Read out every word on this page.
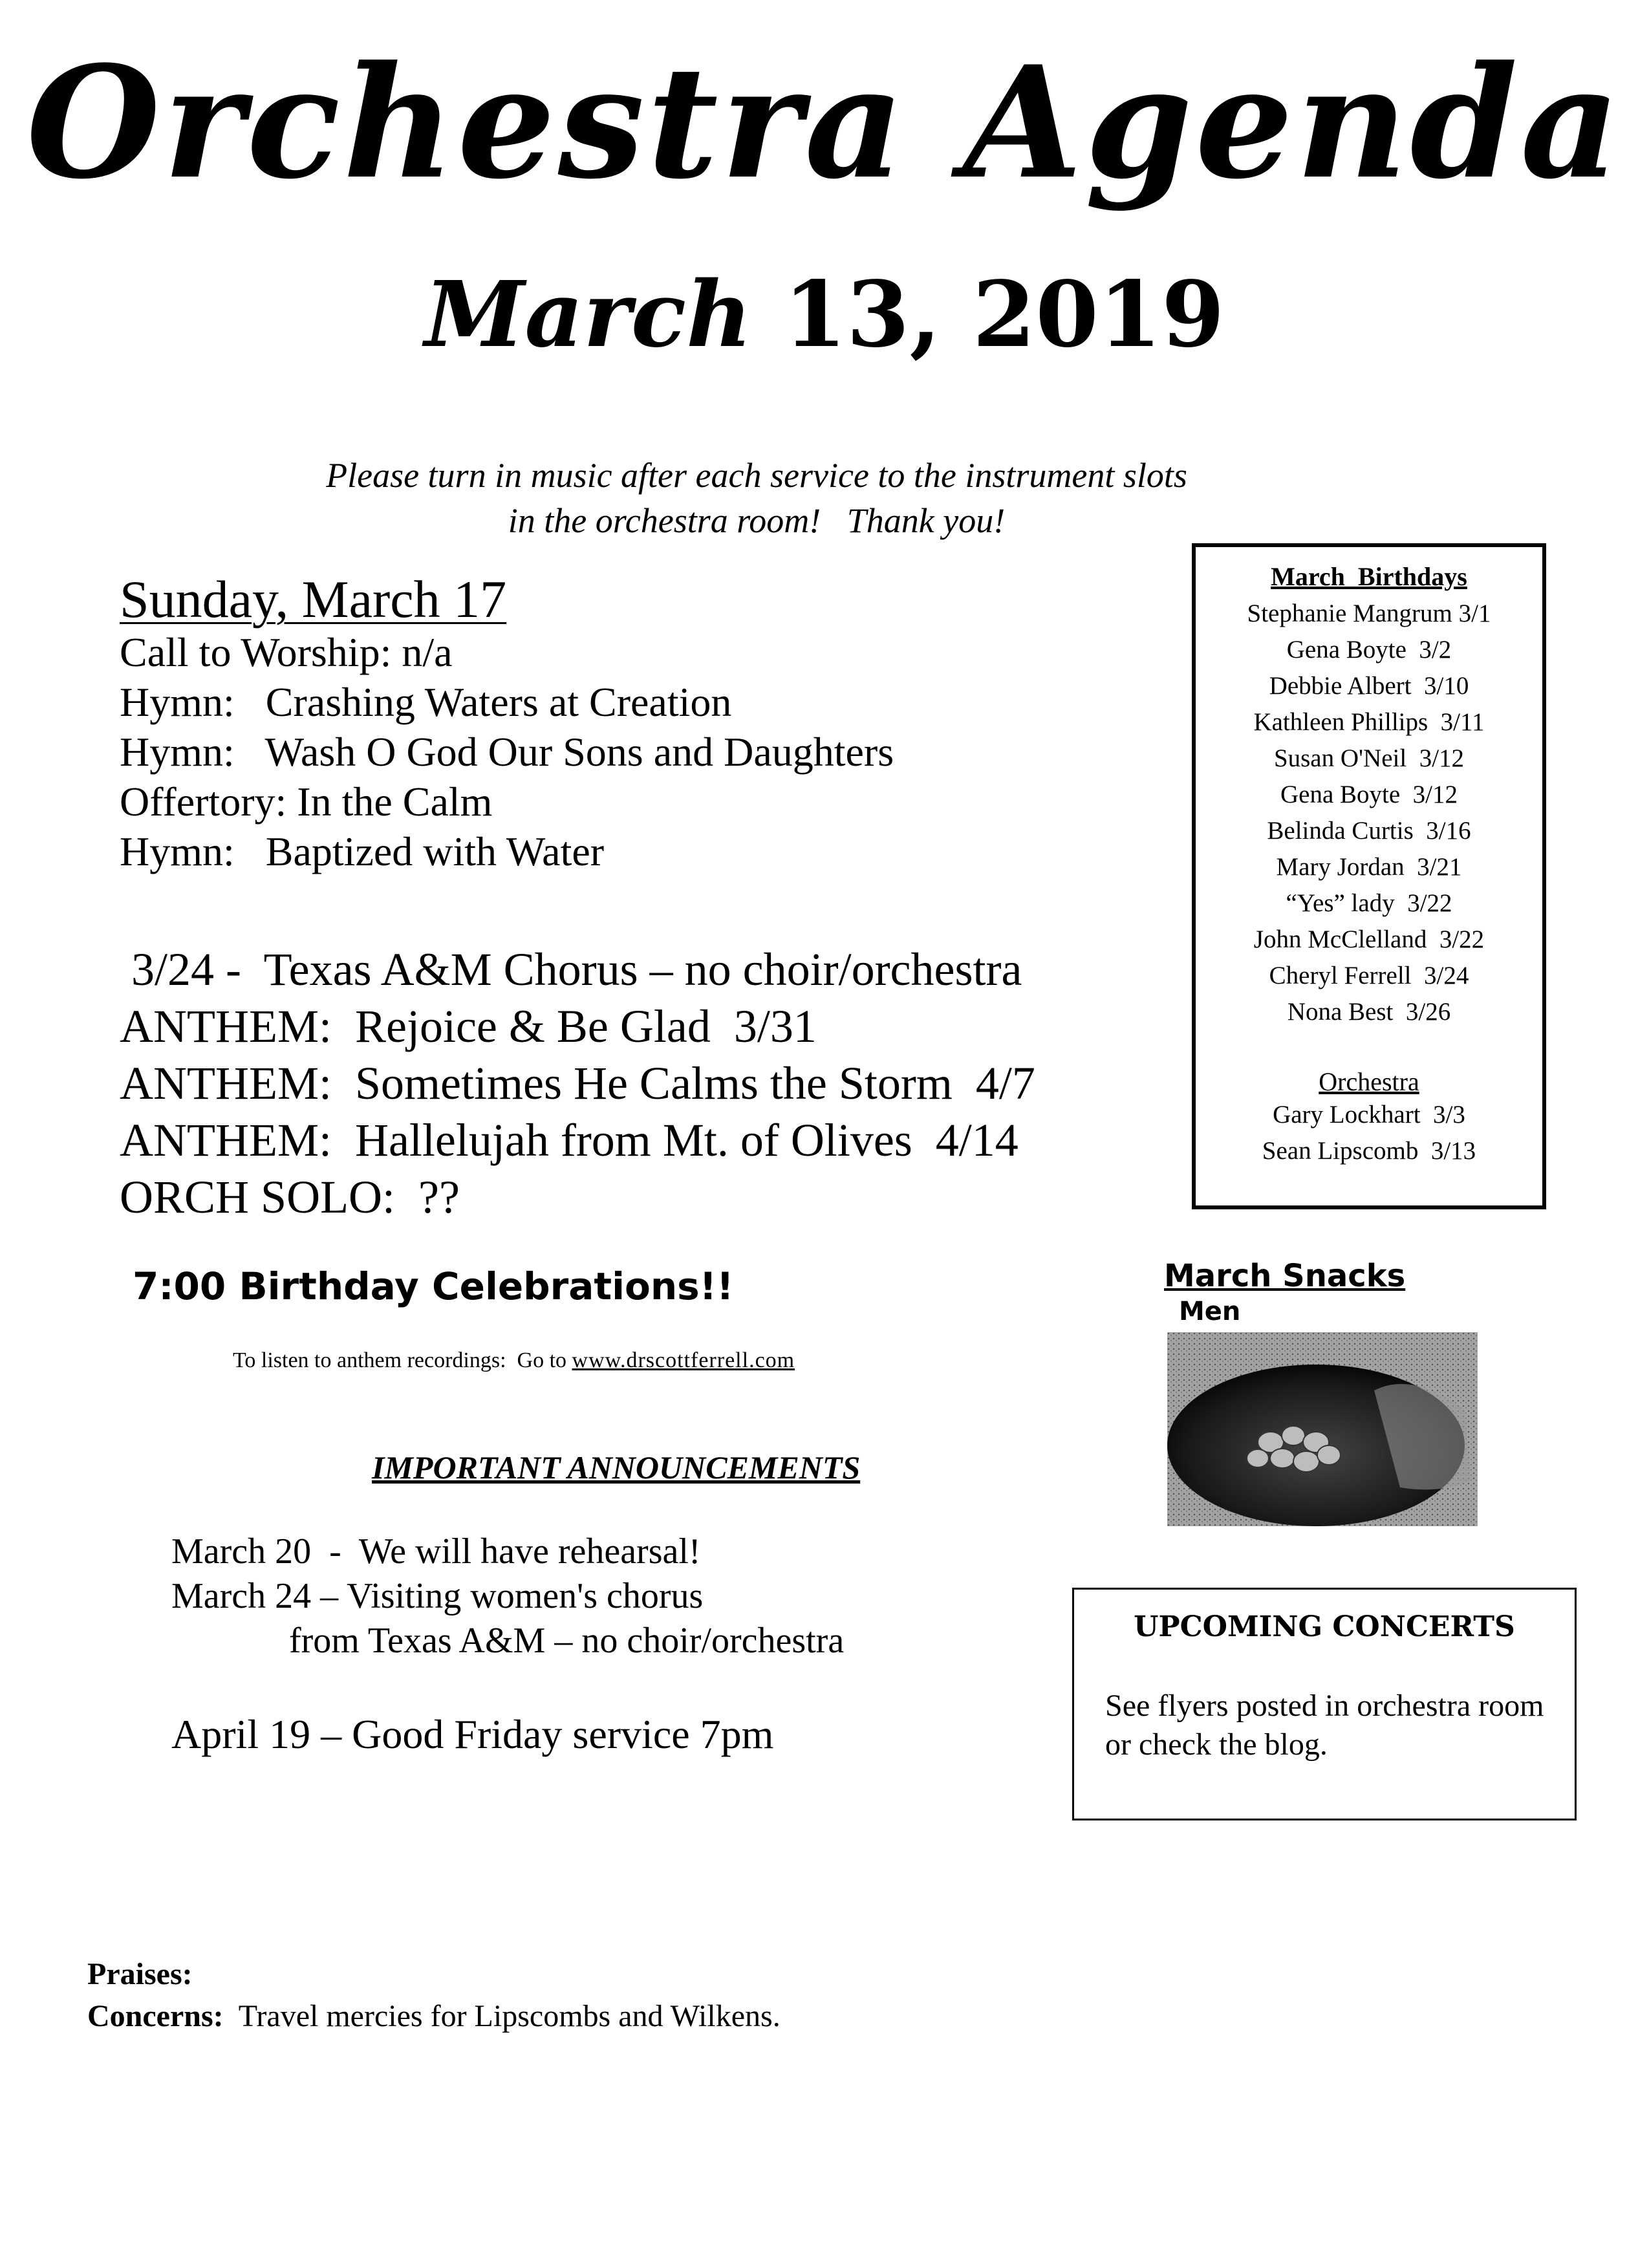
Orchestra Agenda
March 13, 2019
Please turn in music after each service to the instrument slots
in the orchestra room!   Thank you!
Sunday, March 17
Call to Worship: n/a
Hymn:   Crashing Waters at Creation
Hymn:   Wash O God Our Sons and Daughters
Offertory: In the Calm
Hymn:   Baptized with Water
3/24 -  Texas A&M Chorus – no choir/orchestra
ANTHEM:  Rejoice & Be Glad  3/31
ANTHEM:  Sometimes He Calms the Storm  4/7
ANTHEM:  Hallelujah from Mt. of Olives  4/14
ORCH SOLO:  ??
March  Birthdays
Stephanie Mangrum 3/1
Gena Boyte  3/2
Debbie Albert  3/10
Kathleen Phillips  3/11
Susan O'Neil  3/12
Gena Boyte  3/12
Belinda Curtis  3/16
Mary Jordan  3/21
“Yes” lady  3/22
John McClelland  3/22
Cheryl Ferrell  3/24
Nona Best  3/26
Orchestra
Gary Lockhart  3/3
Sean Lipscomb  3/13
7:00 Birthday Celebrations!!
To listen to anthem recordings:  Go to www.drscottferrell.com
March Snacks
Men
IMPORTANT ANNOUNCEMENTS
March 20  -  We will have rehearsal!
March 24 – Visiting women's chorus
from Texas A&M – no choir/orchestra
April 19 – Good Friday service 7pm
UPCOMING CONCERTS
See flyers posted in orchestra room or check the blog.
Praises:
Concerns:  Travel mercies for Lipscombs and Wilkens.
